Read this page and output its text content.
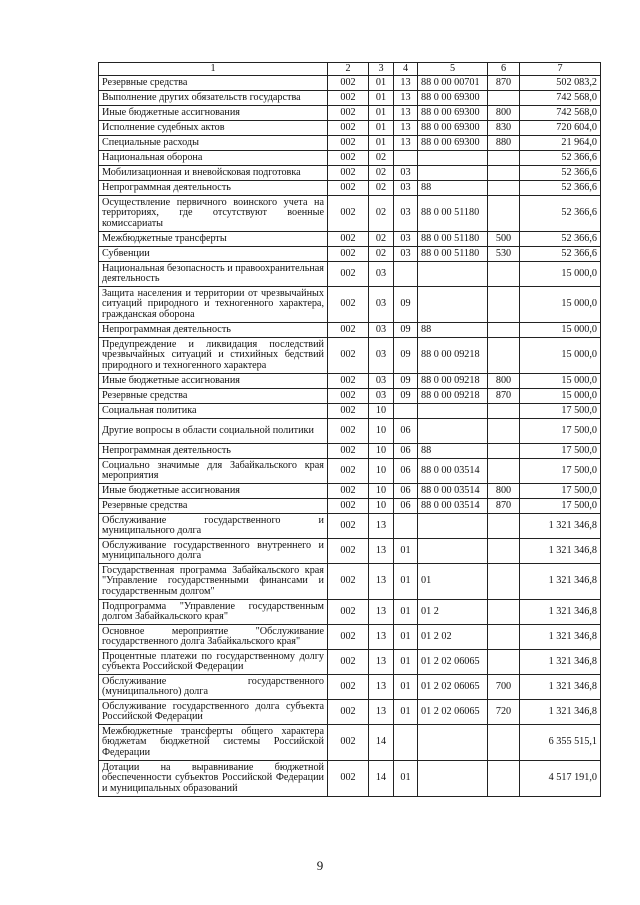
1	2	3	4	5	6	7
Резервные средства	002	01	13	88 0 00 00701	870	502 083,2
Выполнение других обязательств государства	002	01	13	88 0 00 69300		742 568,0
Иные бюджетные ассигнования	002	01	13	88 0 00 69300	800	742 568,0
Исполнение судебных актов	002	01	13	88 0 00 69300	830	720 604,0
Специальные расходы	002	01	13	88 0 00 69300	880	21 964,0
Национальная оборона	002	02				52 366,6
Мобилизационная и вневойсковая подготовка	002	02	03			52 366,6
Непрограммная деятельность	002	02	03	88		52 366,6
Осуществление первичного воинского учета на территориях, где отсутствуют военные комиссариаты	002	02	03	88 0 00 51180		52 366,6
Межбюджетные трансферты	002	02	03	88 0 00 51180	500	52 366,6
Субвенции	002	02	03	88 0 00 51180	530	52 366,6
Национальная безопасность и правоохранительная деятельность	002	03				15 000,0
Защита населения и территории от чрезвычайных ситуаций природного и техногенного характера, гражданская оборона	002	03	09			15 000,0
Непрограммная деятельность	002	03	09	88		15 000,0
Предупреждение и ликвидация последствий чрезвычайных ситуаций и стихийных бедствий природного и техногенного характера	002	03	09	88 0 00 09218		15 000,0
Иные бюджетные ассигнования	002	03	09	88 0 00 09218	800	15 000,0
Резервные средства	002	03	09	88 0 00 09218	870	15 000,0
Социальная политика	002	10				17 500,0
Другие вопросы в области социальной политики	002	10	06			17 500,0
Непрограммная деятельность	002	10	06	88		17 500,0
Социально значимые для Забайкальского края мероприятия	002	10	06	88 0 00 03514		17 500,0
Иные бюджетные ассигнования	002	10	06	88 0 00 03514	800	17 500,0
Резервные средства	002	10	06	88 0 00 03514	870	17 500,0
Обслуживание государственного и муниципального долга	002	13				1 321 346,8
Обслуживание государственного внутреннего и муниципального долга	002	13	01			1 321 346,8
Государственная программа Забайкальского края "Управление государственными финансами и государственным долгом"	002	13	01	01		1 321 346,8
Подпрограмма "Управление государственным долгом Забайкальского края"	002	13	01	01 2		1 321 346,8
Основное мероприятие "Обслуживание государственного долга Забайкальского края"	002	13	01	01 2 02		1 321 346,8
Процентные платежи по государственному долгу субъекта Российской Федерации	002	13	01	01 2 02 06065		1 321 346,8
Обслуживание государственного (муниципального) долга	002	13	01	01 2 02 06065	700	1 321 346,8
Обслуживание государственного долга субъекта Российской Федерации	002	13	01	01 2 02 06065	720	1 321 346,8
Межбюджетные трансферты общего характера бюджетам бюджетной системы Российской Федерации	002	14				6 355 515,1
Дотации на выравнивание бюджетной обеспеченности субъектов Российской Федерации и муниципальных образований	002	14	01			4 517 191,0
9
